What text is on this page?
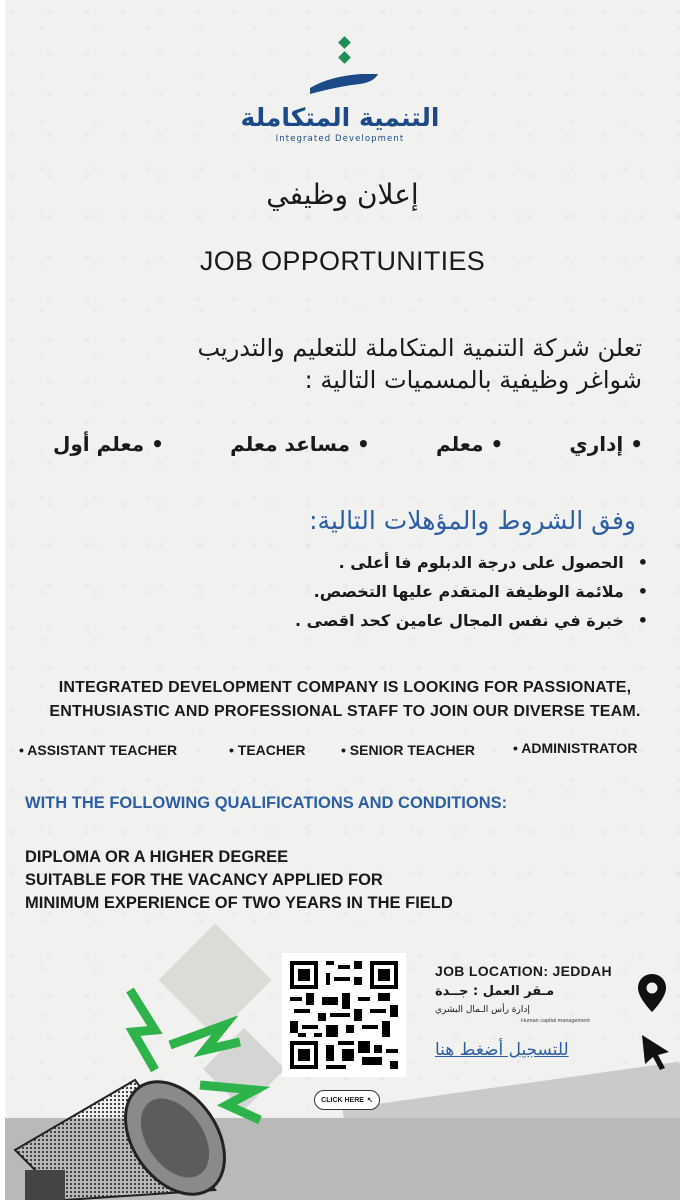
التنمية المتكاملة
Integrated Development
إعلان وظيفي
JOB OPPORTUNITIES
تعلن شركة التنمية المتكاملة للتعليم والتدريب
شواغر وظيفية بالمسميات التالية :
• معلم أول	• مساعد معلم	• معلم	• إداري
وفق الشروط والمؤهلات التالية:
• الحصول على درجة الدبلوم فا أعلى .
• ملائمة الوظيفة المتقدم عليها التخصص.
• خبرة في نفس المجال عامين كحد اقصى .
INTEGRATED DEVELOPMENT COMPANY IS LOOKING FOR PASSIONATE,
ENTHUSIASTIC AND PROFESSIONAL STAFF TO JOIN OUR DIVERSE TEAM.
• ASSISTANT TEACHER	• TEACHER	• SENIOR TEACHER	• ADMINISTRATOR
WITH THE FOLLOWING QUALIFICATIONS AND CONDITIONS:
DIPLOMA OR A HIGHER DEGREE
SUITABLE FOR THE VACANCY APPLIED FOR
MINIMUM EXPERIENCE OF TWO YEARS IN THE FIELD
CLICK HERE ↖
JOB LOCATION: JEDDAH
مـقر العمل : جــدة
إدارة رأس الـمال البشري
Human capital management
للتسجيل أضغط هنا
